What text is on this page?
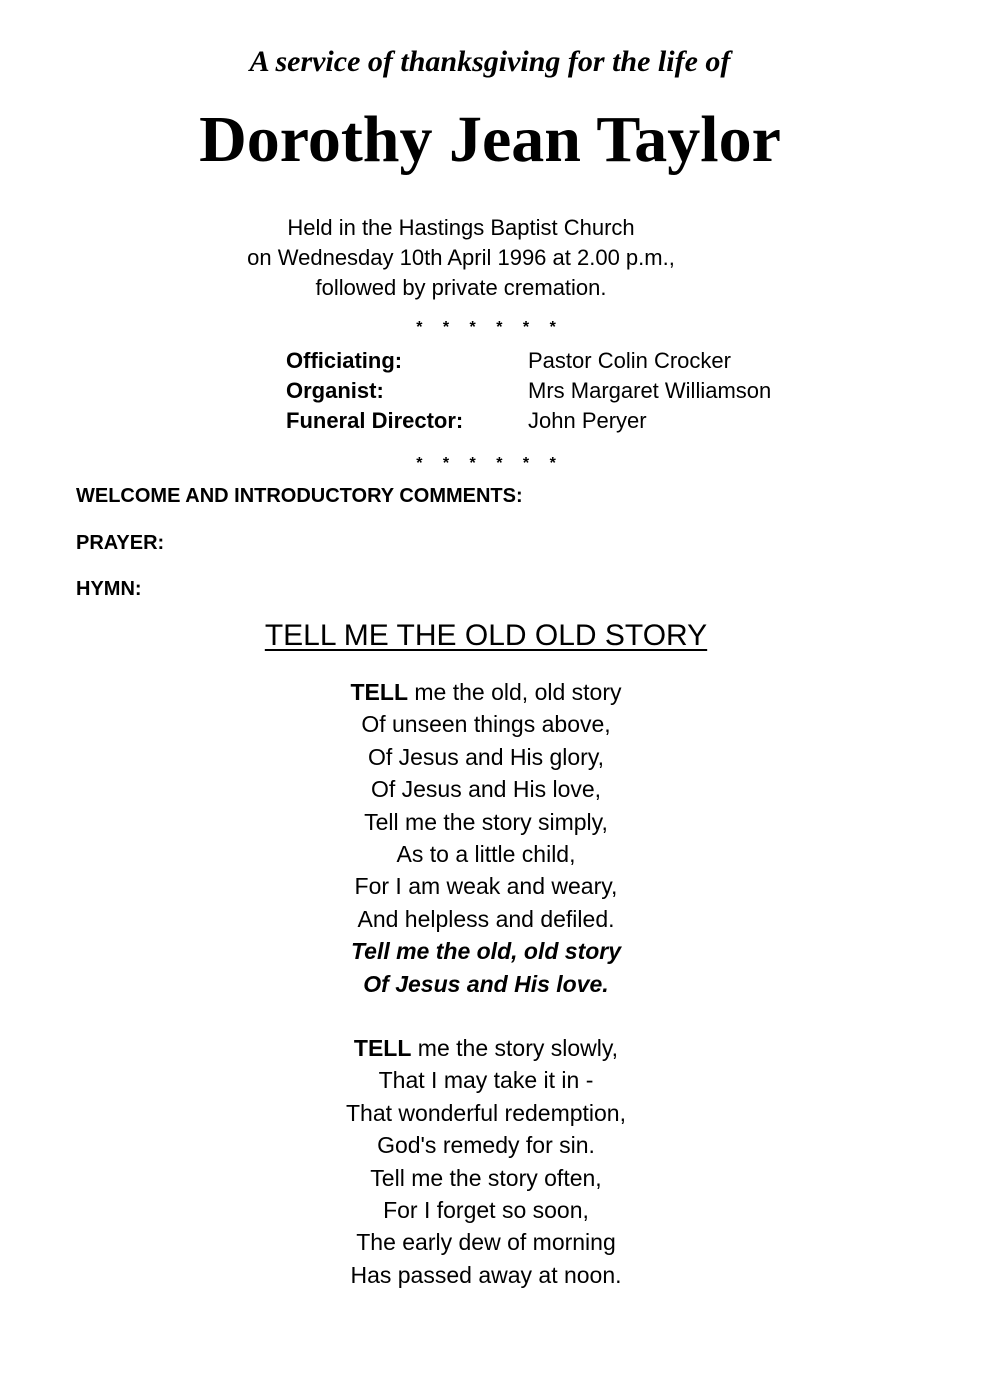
A service of thanksgiving for the life of
Dorothy Jean Taylor
Held in the Hastings Baptist Church
on Wednesday 10th April 1996 at 2.00 p.m.,
followed by private cremation.
* * * * * *
Officiating:	Pastor Colin Crocker
Organist:	Mrs Margaret Williamson
Funeral Director:	John Peryer
* * * * * *
WELCOME AND INTRODUCTORY COMMENTS:
PRAYER:
HYMN:
TELL ME THE OLD OLD STORY
TELL me the old, old story
Of unseen things above,
Of Jesus and His glory,
Of Jesus and His love,
Tell me the story simply,
As to a little child,
For I am weak and weary,
And helpless and defiled.
Tell me the old, old story
Of Jesus and His love.
TELL me the story slowly,
That I may take it in -
That wonderful redemption,
God's remedy for sin.
Tell me the story often,
For I forget so soon,
The early dew of morning
Has passed away at noon.
